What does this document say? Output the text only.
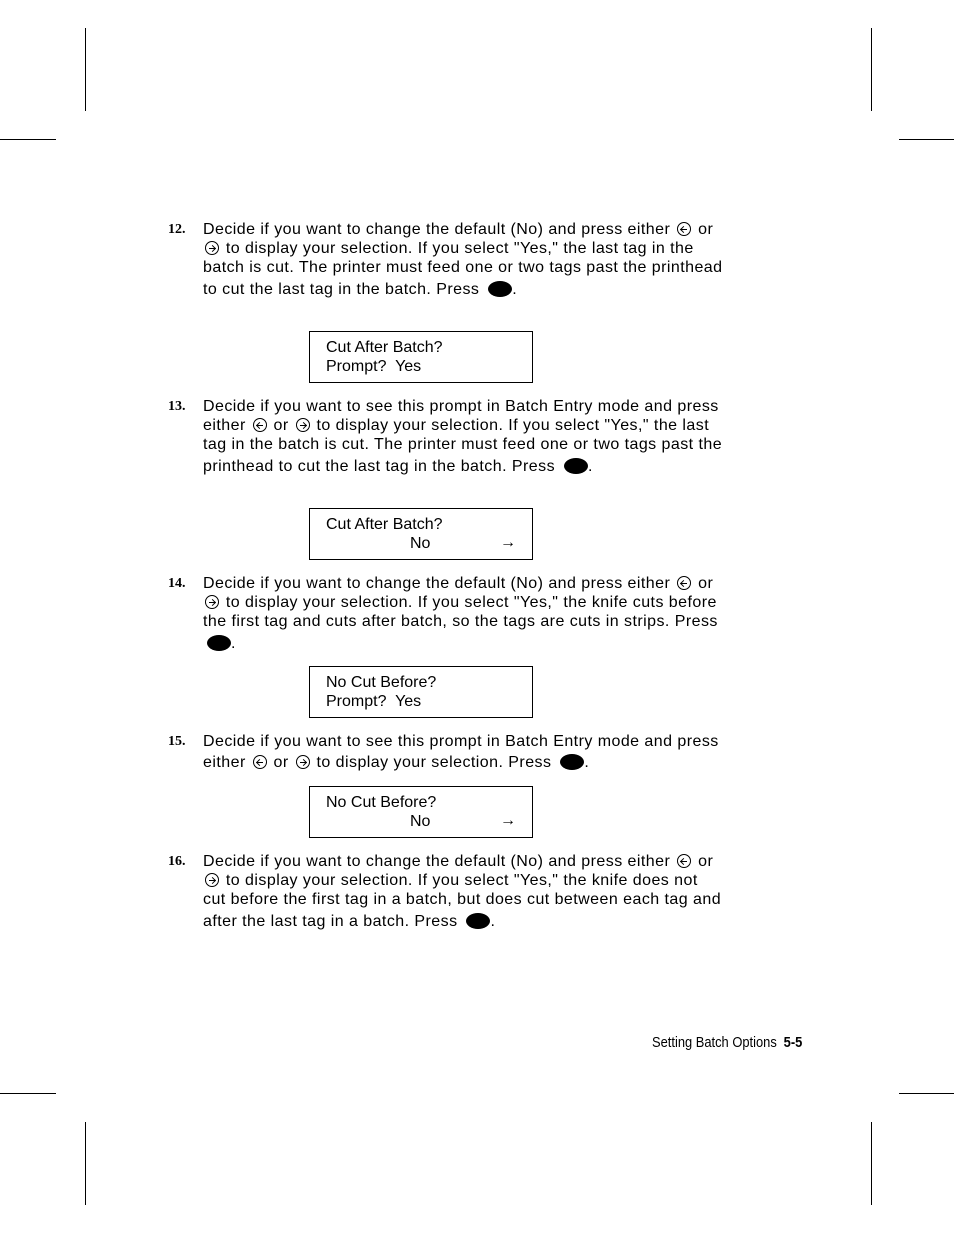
12. Decide if you want to change the default (No) and press either or  to display your selection. If you select "Yes," the last tag in the batch is cut. The printer must feed one or two tags past the printhead to cut the last tag in the batch. Press .
Cut After Batch?
Prompt?  Yes
13. Decide if you want to see this prompt in Batch Entry mode and press either or to display your selection. If you select "Yes," the last tag in the batch is cut. The printer must feed one or two tags past the printhead to cut the last tag in the batch. Press .
Cut After Batch?
No	→
14. Decide if you want to change the default (No) and press either or  to display your selection. If you select "Yes," the knife cuts before the first tag and cuts after batch, so the tags are cuts in strips. Press .
No Cut Before?
Prompt?  Yes
15. Decide if you want to see this prompt in Batch Entry mode and press either or to display your selection. Press .
No Cut Before?
No	→
16. Decide if you want to change the default (No) and press either or  to display your selection. If you select "Yes," the knife does not cut before the first tag in a batch, but does cut between each tag and after the last tag in a batch. Press .
Setting Batch Options 5-5
